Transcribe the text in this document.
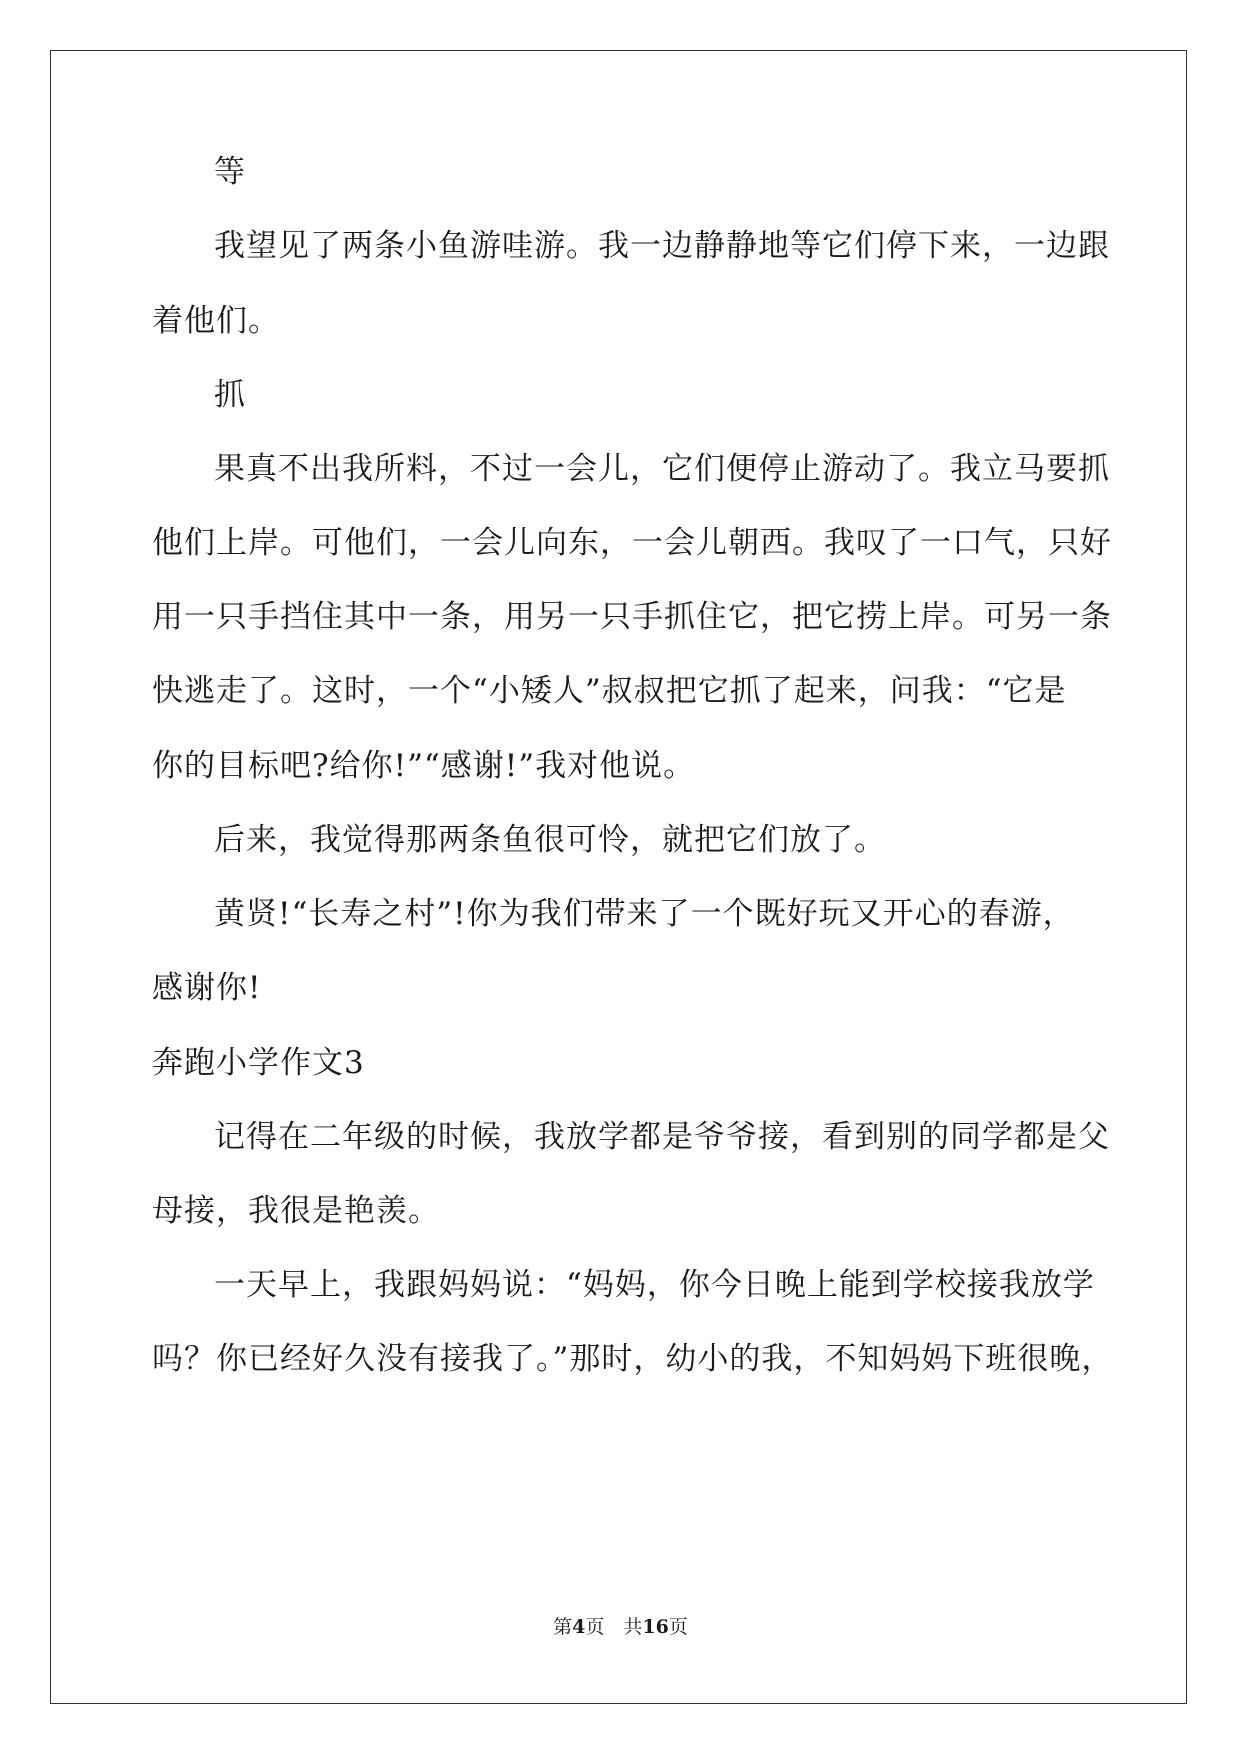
等
我望见了两条小鱼游哇游。我一边静静地等它们停下来，一边跟
着他们。
抓
果真不出我所料，不过一会儿，它们便停止游动了。我立马要抓
他们上岸。可他们，一会儿向东，一会儿朝西。我叹了一口气，只好
用一只手挡住其中一条，用另一只手抓住它，把它捞上岸。可另一条
快逃走了。这时，一个“小矮人”叔叔把它抓了起来，问我：“它是
你的目标吧?给你!”“感谢!”我对他说。
后来，我觉得那两条鱼很可怜，就把它们放了。
黄贤!“长寿之村”!你为我们带来了一个既好玩又开心的春游，
感谢你!
奔跑小学作文3
记得在二年级的时候，我放学都是爷爷接，看到别的同学都是父
母接，我很是艳羡。
一天早上，我跟妈妈说：“妈妈，你今日晚上能到学校接我放学
吗？你已经好久没有接我了。”那时，幼小的我，不知妈妈下班很晚，
第4页　共16页
